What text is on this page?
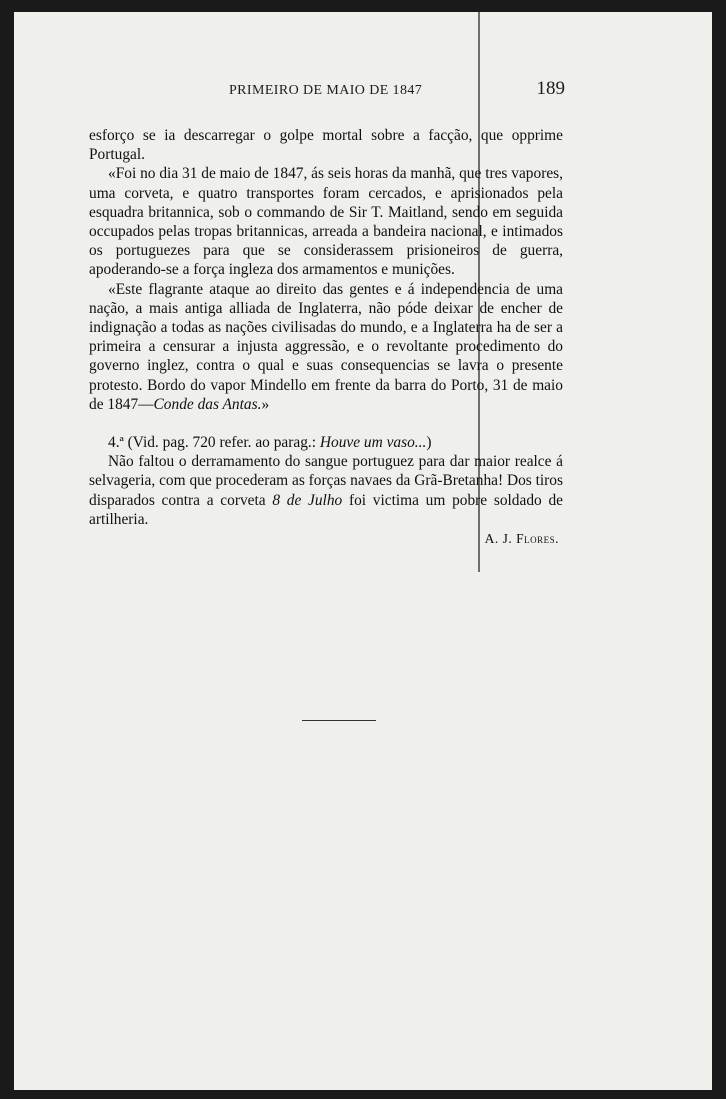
PRIMEIRO DE MAIO DE 1847	189

esforço se ia descarregar o golpe mortal sobre a facção, que opprime Portugal.

«Foi no dia 31 de maio de 1847, ás seis horas da manhã, que tres vapores, uma corveta, e quatro transportes foram cercados, e aprisionados pela esquadra britannica, sob o commando de Sir T. Maitland, sendo em seguida occupados pelas tropas britannicas, arreada a bandeira nacional, e intimados os portuguezes para que se considerassem prisioneiros de guerra, apoderando-se a força ingleza dos armamentos e munições.

«Este flagrante ataque ao direito das gentes e á independencia de uma nação, a mais antiga alliada de Inglaterra, não póde deixar de encher de indignação a todas as nações civilisadas do mundo, e a Inglaterra ha de ser a primeira a censurar a injusta aggressão, e o revoltante procedimento do governo inglez, contra o qual e suas consequencias se lavra o presente protesto. Bordo do vapor Mindello em frente da barra do Porto, 31 de maio de 1847—Conde das Antas.»

4.ª (Vid. pag. 720 refer. ao parag.: Houve um vaso...)

Não faltou o derramamento do sangue portuguez para dar maior realce á selvageria, com que procederam as forças navaes da Grã-Bretanha! Dos tiros disparados contra a corveta 8 de Julho foi victima um pobre soldado de artilheria.

A. J. Flores.
